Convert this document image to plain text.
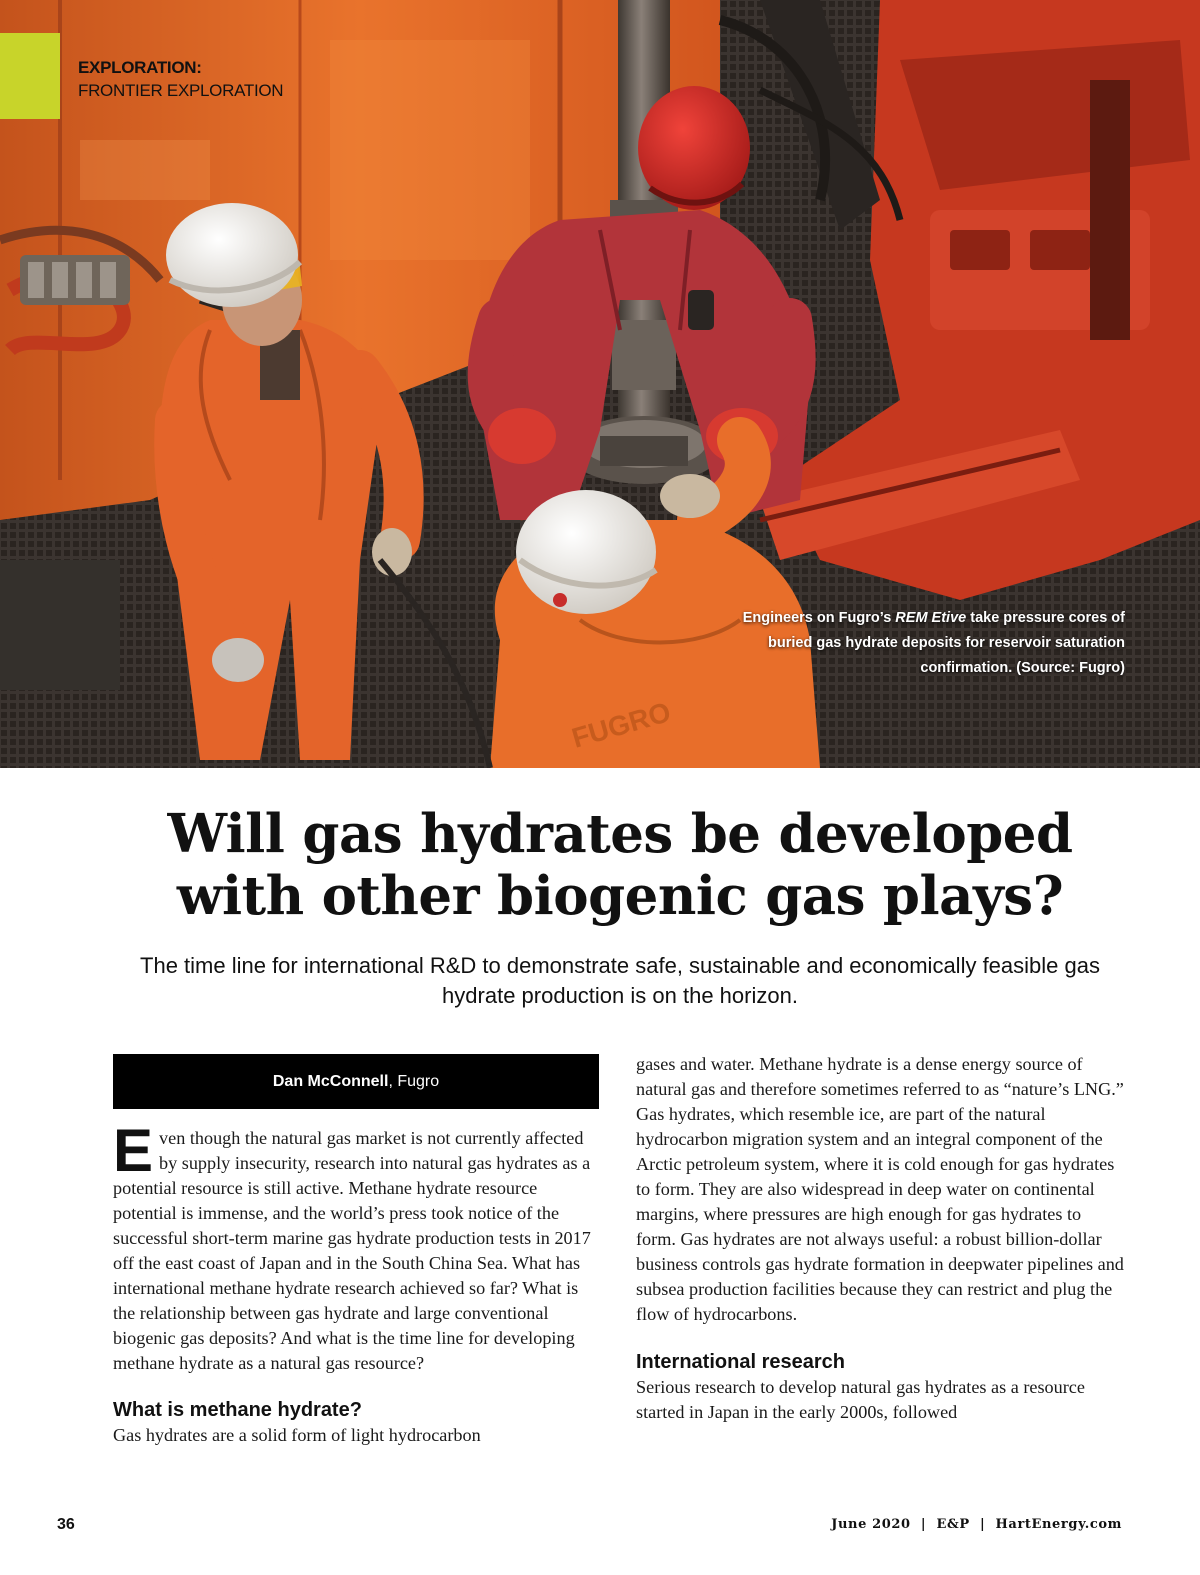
FUGRO
EXPLORATION:
FRONTIER EXPLORATION
Engineers on Fugro’s REM Etive take pressure cores of buried gas hydrate deposits for reservoir saturation confirmation. (Source: Fugro)
Will gas hydrates be developed with other biogenic gas plays?

The time line for international R&D to demonstrate safe, sustainable and economically feasible gas hydrate production is on the horizon.

Dan McConnell , Fugro

Even though the natural gas market is not currently affected by supply insecurity, research into natural gas hydrates as a potential resource is still active. Methane hydrate resource potential is immense, and the world’s press took notice of the successful short-term marine gas hydrate production tests in 2017 off the east coast of Japan and in the South China Sea. What has international methane hydrate research achieved so far? What is the relationship between gas hydrate and large conventional biogenic gas deposits? And what is the time line for developing methane hydrate as a natural gas resource?

What is methane hydrate?

Gas hydrates are a solid form of light hydrocarbon

gases and water. Methane hydrate is a dense energy source of natural gas and therefore sometimes referred to as “nature’s LNG.” Gas hydrates, which resemble ice, are part of the natural hydrocarbon migration system and an integral component of the Arctic petroleum system, where it is cold enough for gas hydrates to form. They are also widespread in deep water on continental margins, where pressures are high enough for gas hydrates to form. Gas hydrates are not always useful: a robust billion-dollar business controls gas hydrate formation in deepwater pipelines and subsea production facilities because they can restrict and plug the flow of hydrocarbons.

International research

Serious research to develop natural gas hydrates as a resource started in Japan in the early 2000s, followed

36	June 2020  |  E&P  |  HartEnergy.com
